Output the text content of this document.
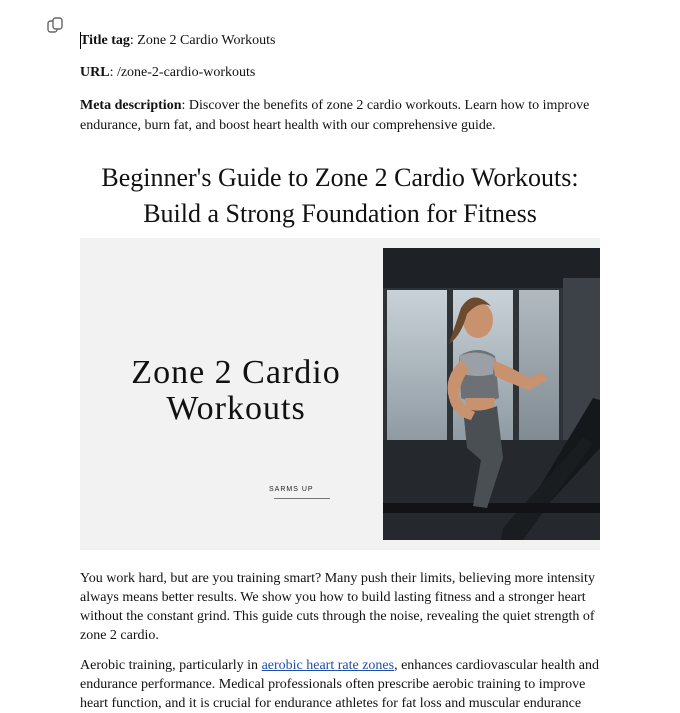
Title tag: Zone 2 Cardio Workouts

URL: /zone-2-cardio-workouts

Meta description: Discover the benefits of zone 2 cardio workouts. Learn how to improve endurance, burn fat, and boost heart health with our comprehensive guide.

Beginner's Guide to Zone 2 Cardio Workouts:
Build a Strong Foundation for Fitness
Zone 2 Cardio
Workouts
SARMS UP

You work hard, but are you training smart? Many push their limits, believing more intensity always means better results. We show you how to build lasting fitness and a stronger heart without the constant grind. This guide cuts through the noise, revealing the quiet strength of zone 2 cardio.

Aerobic training, particularly in aerobic heart rate zones, enhances cardiovascular health and endurance performance. Medical professionals often prescribe aerobic training to improve heart function, and it is crucial for endurance athletes for fat loss and muscular endurance
